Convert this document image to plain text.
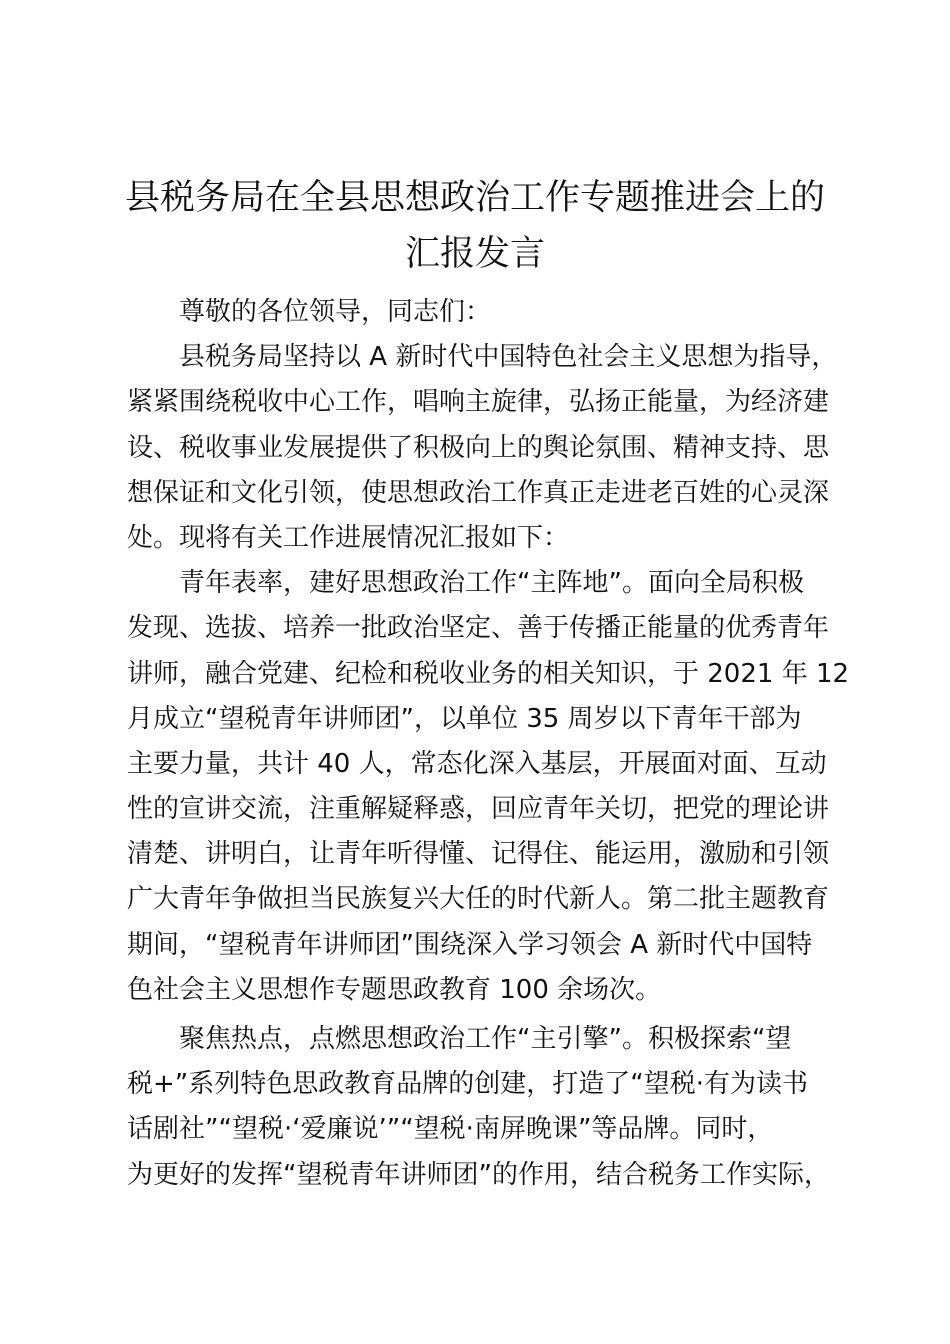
县税务局在全县思想政治工作专题推进会上的
汇报发言
尊敬的各位领导，同志们：
县税务局坚持以 A 新时代中国特色社会主义思想为指导，
紧紧围绕税收中心工作，唱响主旋律，弘扬正能量，为经济建
设、税收事业发展提供了积极向上的舆论氛围、精神支持、思
想保证和文化引领，使思想政治工作真正走进老百姓的心灵深
处。现将有关工作进展情况汇报如下：
青年表率，建好思想政治工作“主阵地”。面向全局积极
发现、选拔、培养一批政治坚定、善于传播正能量的优秀青年
讲师，融合党建、纪检和税收业务的相关知识，于 2021 年 12
月成立“望税青年讲师团”，以单位 35 周岁以下青年干部为
主要力量，共计 40 人，常态化深入基层，开展面对面、互动
性的宣讲交流，注重解疑释惑，回应青年关切，把党的理论讲
清楚、讲明白，让青年听得懂、记得住、能运用，激励和引领
广大青年争做担当民族复兴大任的时代新人。第二批主题教育
期间，“望税青年讲师团”围绕深入学习领会 A 新时代中国特
色社会主义思想作专题思政教育 100 余场次。
聚焦热点，点燃思想政治工作“主引擎”。积极探索“望
税+”系列特色思政教育品牌的创建，打造了“望税·有为读书
话剧社”“望税·‘爱廉说’”“望税·南屏晚课”等品牌。同时，
为更好的发挥“望税青年讲师团”的作用，结合税务工作实际，
